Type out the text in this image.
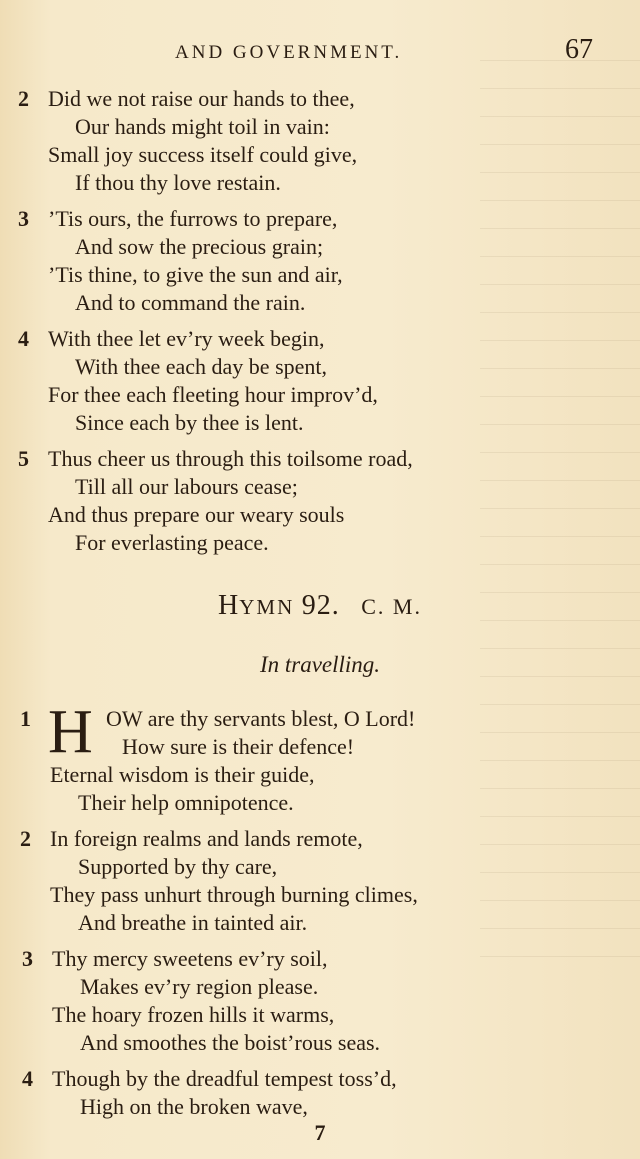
AND GOVERNMENT.	67
2 Did we not raise our hands to thee,
Our hands might toil in vain:
Small joy success itself could give,
If thou thy love restain.
3 ’Tis ours, the furrows to prepare,
And sow the precious grain;
’Tis thine, to give the sun and air,
And to command the rain.
4 With thee let ev’ry week begin,
With thee each day be spent,
For thee each fleeting hour improv’d,
Since each by thee is lent.
5 Thus cheer us through this toilsome road,
Till all our labours cease;
And thus prepare our weary souls
For everlasting peace.
HYMN 92. C. M.
In travelling.
H
1	OW are thy servants blest, O Lord!
How sure is their defence!
Eternal wisdom is their guide,
Their help omnipotence.
2 In foreign realms and lands remote,
Supported by thy care,
They pass unhurt through burning climes,
And breathe in tainted air.
3 Thy mercy sweetens ev’ry soil,
Makes ev’ry region please.
The hoary frozen hills it warms,
And smoothes the boist’rous seas.
4 Though by the dreadful tempest toss’d,
High on the broken wave,
7
